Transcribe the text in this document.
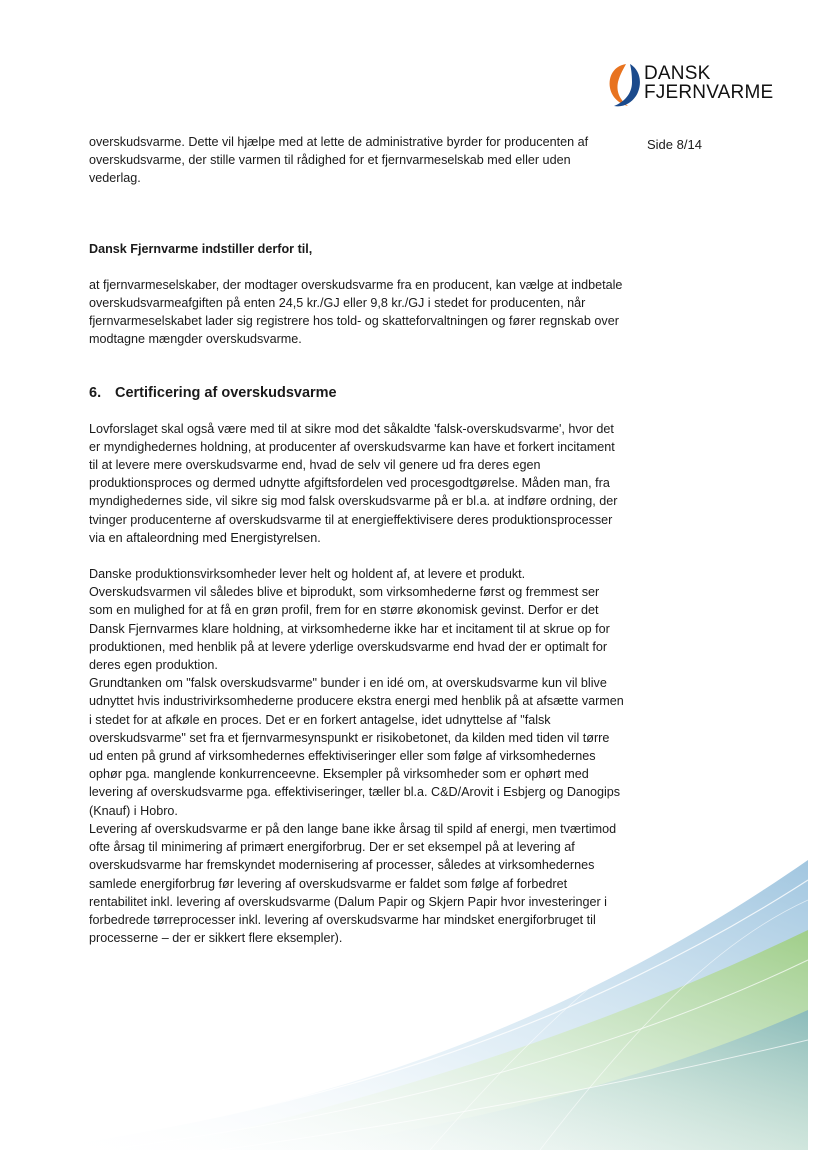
DANSK
FJERNVARME
Side 8/14

overskudsvarme. Dette vil hjælpe med at lette de administrative byrder for producenten af overskudsvarme, der stille varmen til rådighed for et fjernvarmeselskab med eller uden vederlag.

Dansk Fjernvarme indstiller derfor til,

at fjernvarmeselskaber, der modtager overskudsvarme fra en producent, kan vælge at indbetale overskudsvarmeafgiften på enten 24,5 kr./GJ eller 9,8 kr./GJ i stedet for producenten, når fjernvarmeselskabet lader sig registrere hos told- og skatteforvaltningen og fører regnskab over modtagne mængder overskudsvarme.

6. Certificering af overskudsvarme

Lovforslaget skal også være med til at sikre mod det såkaldte 'falsk-overskudsvarme', hvor det er myndighedernes holdning, at producenter af overskudsvarme kan have et forkert incitament til at levere mere overskudsvarme end, hvad de selv vil genere ud fra deres egen produktionsproces og dermed udnytte afgiftsfordelen ved procesgodtgørelse. Måden man, fra myndighedernes side, vil sikre sig mod falsk overskudsvarme på er bl.a. at indføre ordning, der tvinger producenterne af overskudsvarme til at energieffektivisere deres produktionsprocesser via en aftaleordning med Energistyrelsen.

Danske produktionsvirksomheder lever helt og holdent af, at levere et produkt. Overskudsvarmen vil således blive et biprodukt, som virksomhederne først og fremmest ser som en mulighed for at få en grøn profil, frem for en større økonomisk gevinst. Derfor er det Dansk Fjernvarmes klare holdning, at virksomhederne ikke har et incitament til at skrue op for produktionen, med henblik på at levere yderlige overskudsvarme end hvad der er optimalt for deres egen produktion.

Grundtanken om "falsk overskudsvarme" bunder i en idé om, at overskudsvarme kun vil blive udnyttet hvis industrivirksomhederne producere ekstra energi med henblik på at afsætte varmen i stedet for at afkøle en proces. Det er en forkert antagelse, idet udnyttelse af "falsk overskudsvarme" set fra et fjernvarmesynspunkt er risikobetonet, da kilden med tiden vil tørre ud enten på grund af virksomhedernes effektiviseringer eller som følge af virksomhedernes ophør pga. manglende konkurrenceevne. Eksempler på virksomheder som er ophørt med levering af overskudsvarme pga. effektiviseringer, tæller bl.a. C&D/Arovit i Esbjerg og Danogips (Knauf) i Hobro.

Levering af overskudsvarme er på den lange bane ikke årsag til spild af energi, men tværtimod ofte årsag til minimering af primært energiforbrug. Der er set eksempel på at levering af overskudsvarme har fremskyndet modernisering af processer, således at virksomhedernes samlede energiforbrug før levering af overskudsvarme er faldet som følge af forbedret rentabilitet inkl. levering af overskudsvarme (Dalum Papir og Skjern Papir hvor investeringer i forbedrede tørreprocesser inkl. levering af overskudsvarme har mindsket energiforbruget til processerne – der er sikkert flere eksempler).
